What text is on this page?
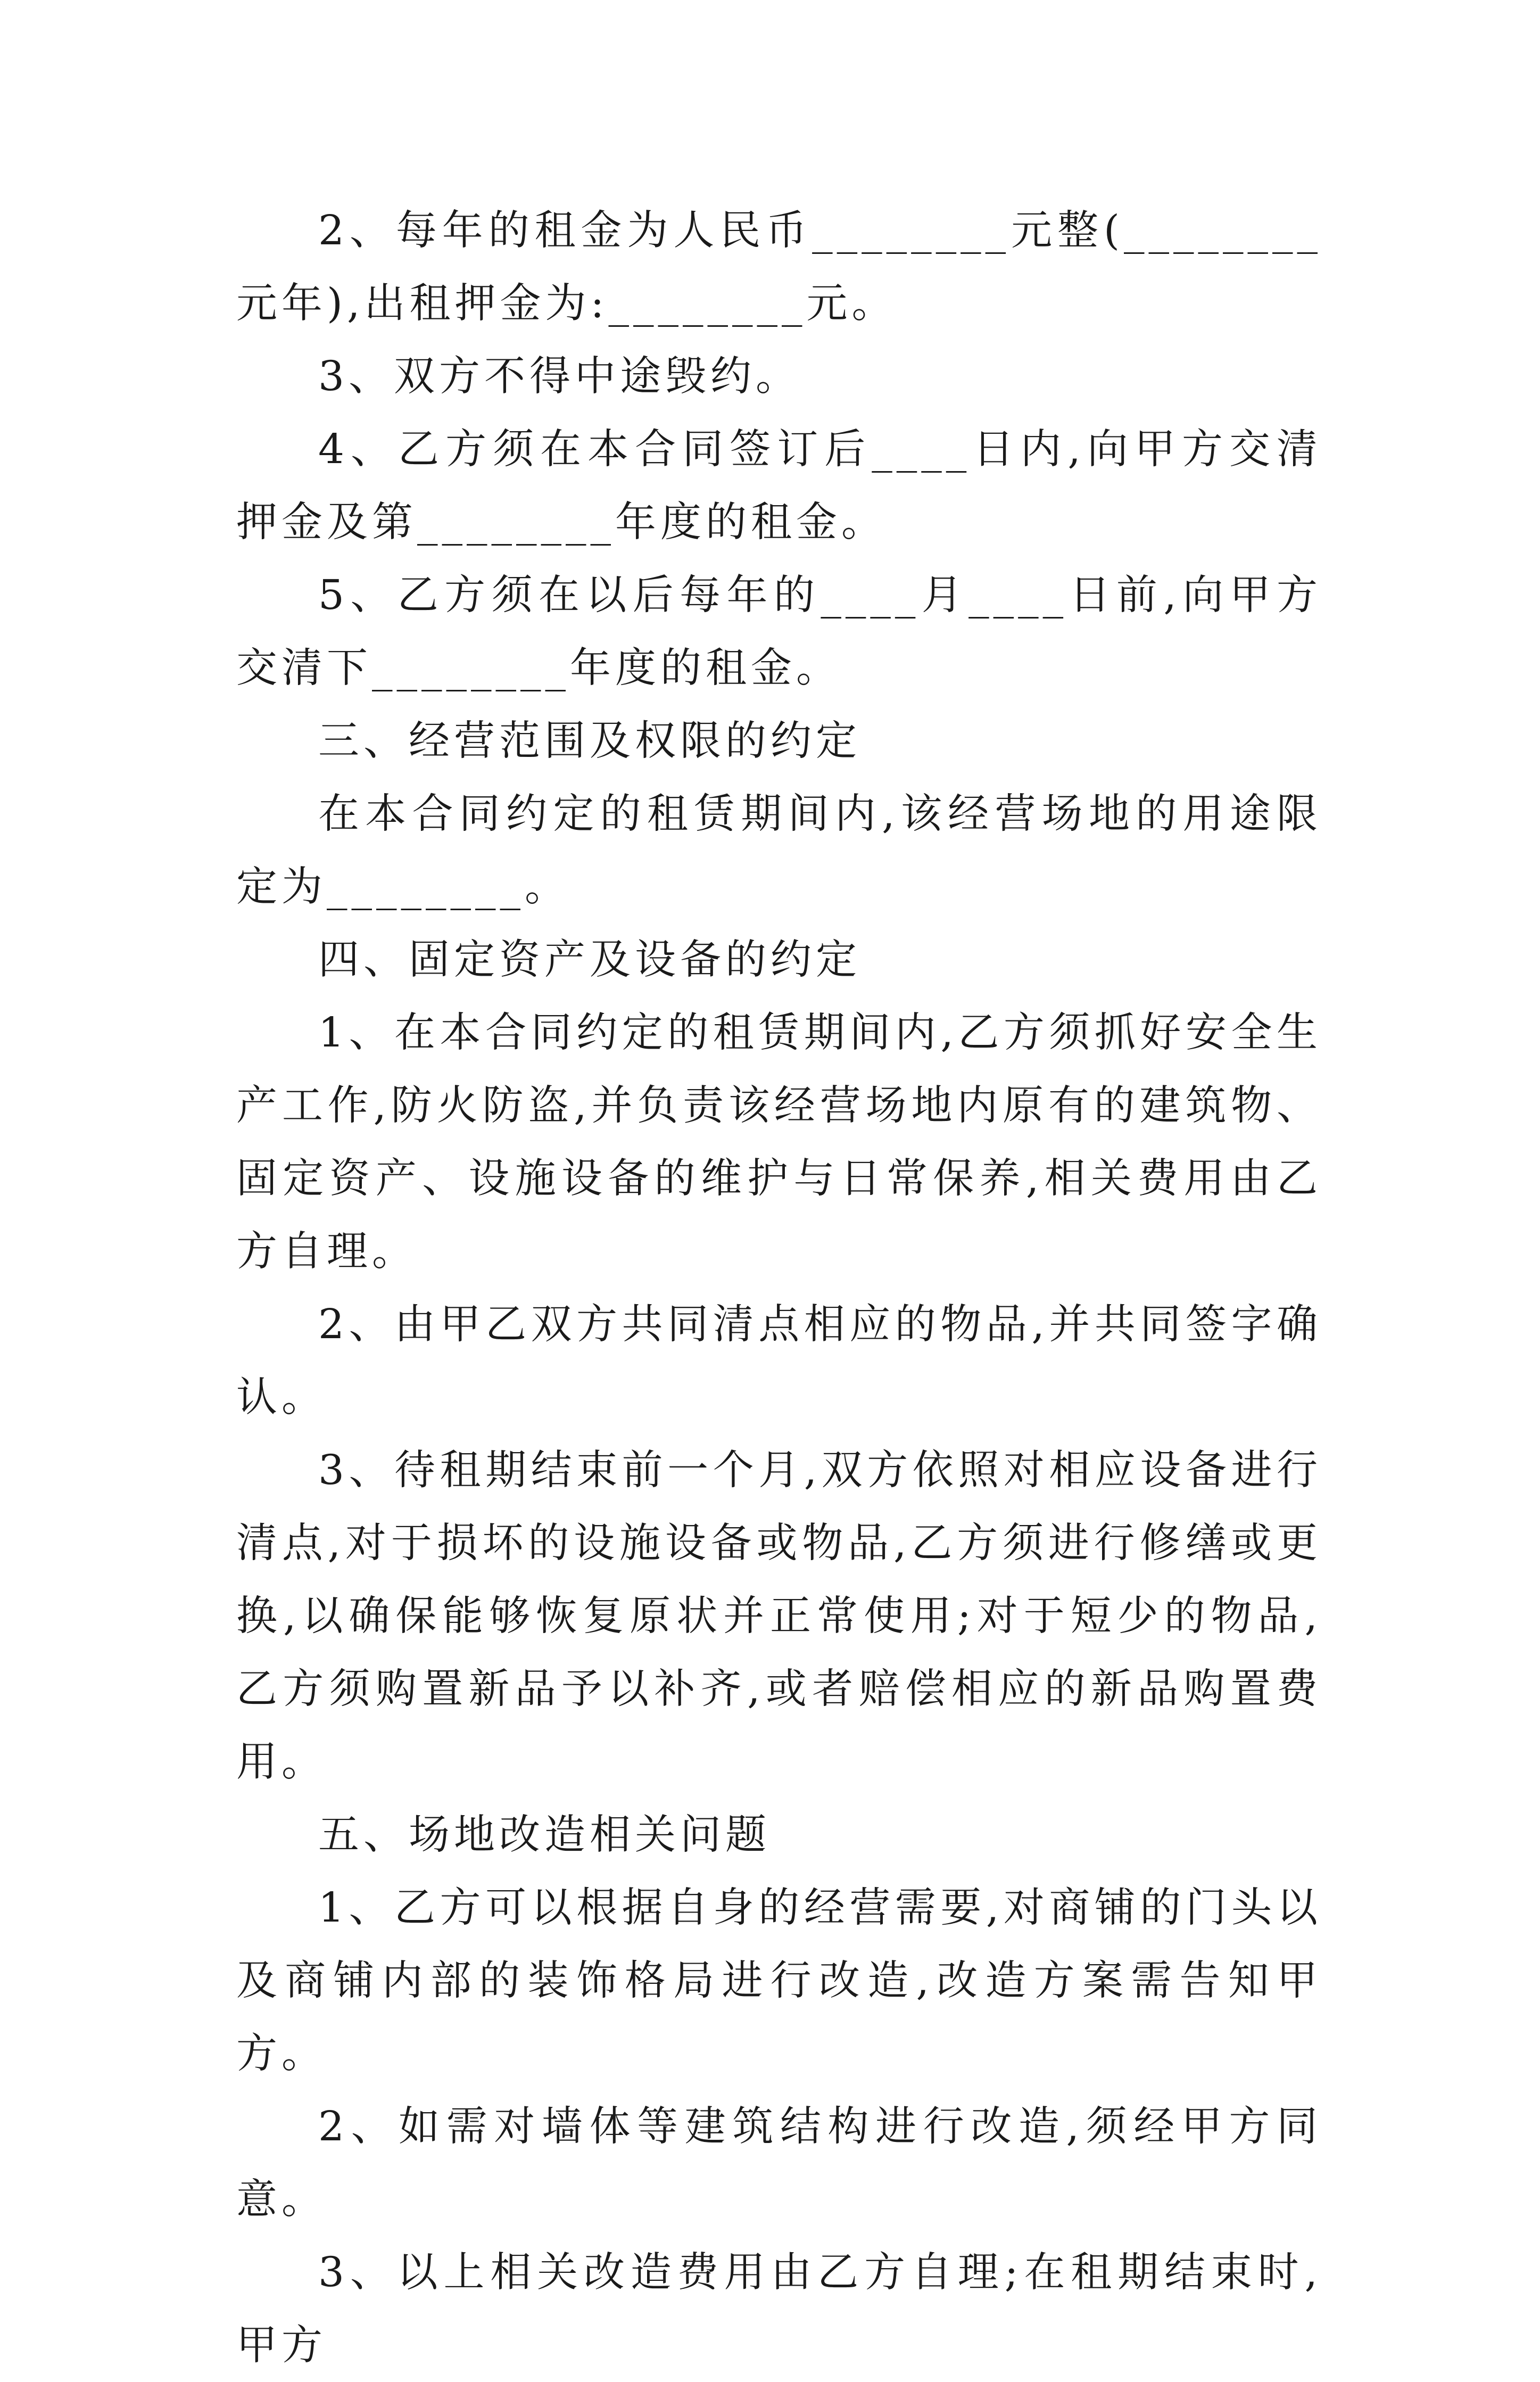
2、每年的租金为人民币________元整(________元年),出租押金为:________元。

3、双方不得中途毁约。

4、乙方须在本合同签订后____日内,向甲方交清押金及第________年度的租金。

5、乙方须在以后每年的____月____日前,向甲方交清下________年度的租金。

三、经营范围及权限的约定

在本合同约定的租赁期间内,该经营场地的用途限定为________。

四、固定资产及设备的约定

1、在本合同约定的租赁期间内,乙方须抓好安全生产工作,防火防盗,并负责该经营场地内原有的建筑物、固定资产、设施设备的维护与日常保养,相关费用由乙方自理。

2、由甲乙双方共同清点相应的物品,并共同签字确认。

3、待租期结束前一个月,双方依照对相应设备进行清点,对于损坏的设施设备或物品,乙方须进行修缮或更换,以确保能够恢复原状并正常使用;对于短少的物品,乙方须购置新品予以补齐,或者赔偿相应的新品购置费用。

五、场地改造相关问题

1、乙方可以根据自身的经营需要,对商铺的门头以及商铺内部的装饰格局进行改造,改造方案需告知甲方。

2、如需对墙体等建筑结构进行改造,须经甲方同意。

3、以上相关改造费用由乙方自理;在租期结束时,甲方
